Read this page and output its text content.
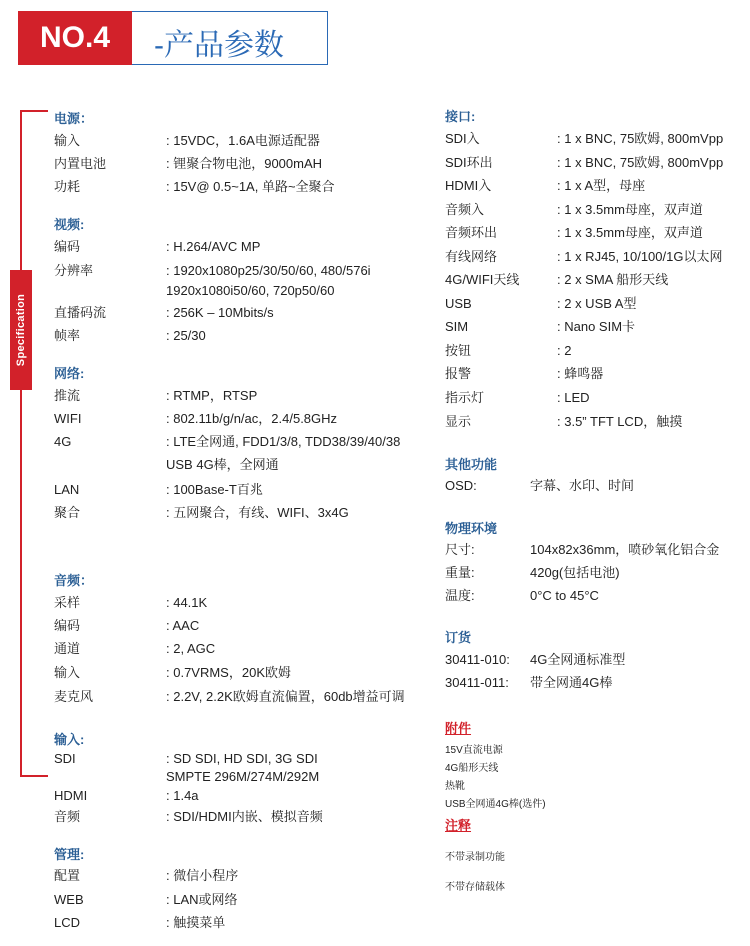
NO.4	-产品参数
Specification
电源：
输入	: 15VDC，1.6A电源适配器
内置电池	: 锂聚合物电池，9000mAH
功耗	: 15V@ 0.5~1A, 单路~全聚合
视频:
编码	: H.264/AVC MP
分辨率	: 1920x1080p25/30/50/60, 480/576i
1920x1080i50/60, 720p50/60
直播码流	: 256K – 10Mbits/s
帧率	: 25/30
网络:
推流	: RTMP，RTSP
WIFI	: 802.11b/g/n/ac，2.4/5.8GHz
4G	: LTE全网通, FDD1/3/8, TDD38/39/40/38
USB 4G棒，全网通
LAN	: 100Base-T百兆
聚合	: 五网聚合，有线、WIFI、3x4G
音频：
采样	: 44.1K
编码	: AAC
通道	: 2, AGC
输入	: 0.7VRMS，20K欧姆
麦克风	: 2.2V, 2.2K欧姆直流偏置，60db增益可调
输入:
SDI	: SD SDI, HD SDI, 3G SDI
SMPTE 296M/274M/292M
HDMI	: 1.4a
音频	: SDI/HDMI内嵌、模拟音频
管理:
配置	: 微信小程序
WEB	: LAN或网络
LCD	: 触摸菜单
接口:
SDI入	: 1 x BNC, 75欧姆, 800mVpp
SDI环出	: 1 x BNC, 75欧姆, 800mVpp
HDMI入	: 1 x A型，母座
音频入	: 1 x 3.5mm母座，双声道
音频环出	: 1 x 3.5mm母座，双声道
有线网络	: 1 x RJ45, 10/100/1G以太网
4G/WIFI天线	: 2 x SMA 船形天线
USB	: 2 x USB A型
SIM	: Nano SIM卡
按钮	: 2
报警	: 蜂鸣器
指示灯	: LED
显示	: 3.5” TFT LCD，触摸
其他功能
OSD:	字幕、水印、时间
物理环境
尺寸:	104x82x36mm，喷砂氧化铝合金
重量:	420g(包括电池)
温度:	0°C to 45°C
订货
30411-010: 4G全网通标准型
30411-011: 带全网通4G棒
附件
15V直流电源
4G船形天线
热靴
USB全网通4G棒(选件)
注释
不带录制功能
不带存储载体
